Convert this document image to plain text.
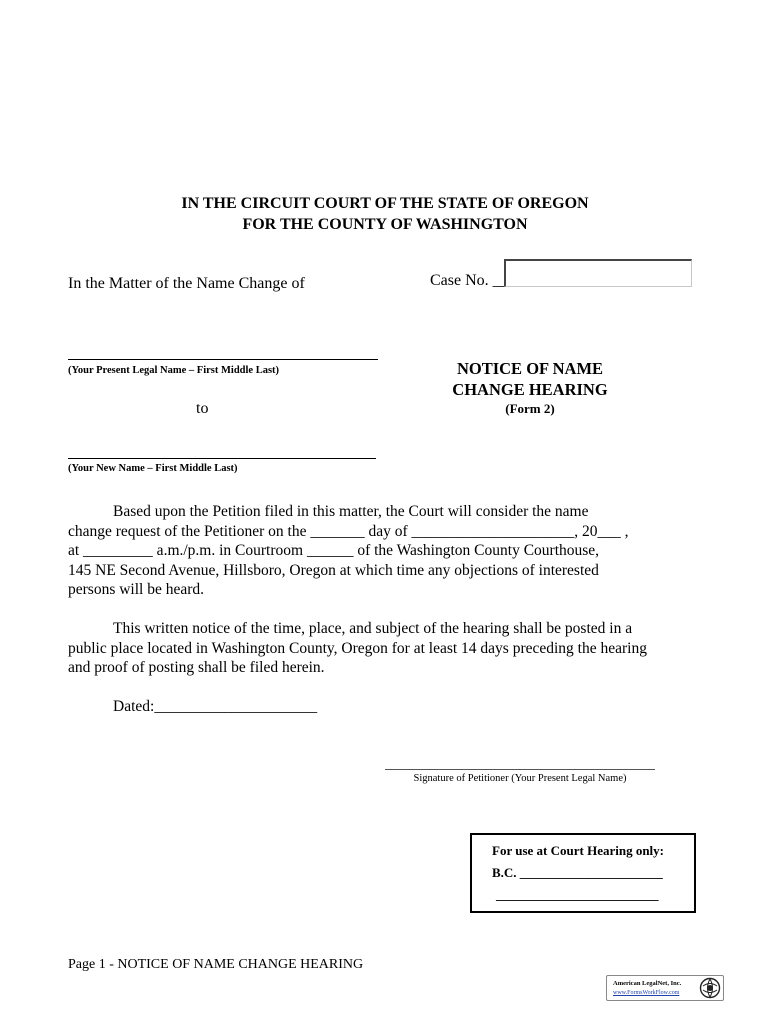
IN THE CIRCUIT COURT OF THE STATE OF OREGON
FOR THE COUNTY OF WASHINGTON
In the Matter of the Name Change of
(Your Present Legal Name – First Middle Last)
to
(Your New Name – First Middle Last)
Case No. ____________
NOTICE OF NAME
CHANGE HEARING
(Form 2)
Based upon the Petition filed in this matter, the Court will consider the name
change request of the Petitioner on the _______ day of _____________________, 20___ ,
at _________ a.m./p.m. in Courtroom ______ of the Washington County Courthouse,
145 NE Second Avenue, Hillsboro, Oregon at which time any objections of interested
persons will be heard.
This written notice of the time, place, and subject of the hearing shall be posted in a
public place located in Washington County, Oregon for at least 14 days preceding the hearing
and proof of posting shall be filed herein.
Dated:_____________________
Signature of Petitioner (Your Present Legal Name)
For use at Court Hearing only:
B.C. ______________________
_________________________
Page 1 - NOTICE OF NAME CHANGE HEARING
American LegalNet, Inc.
www.FormsWorkFlow.com
